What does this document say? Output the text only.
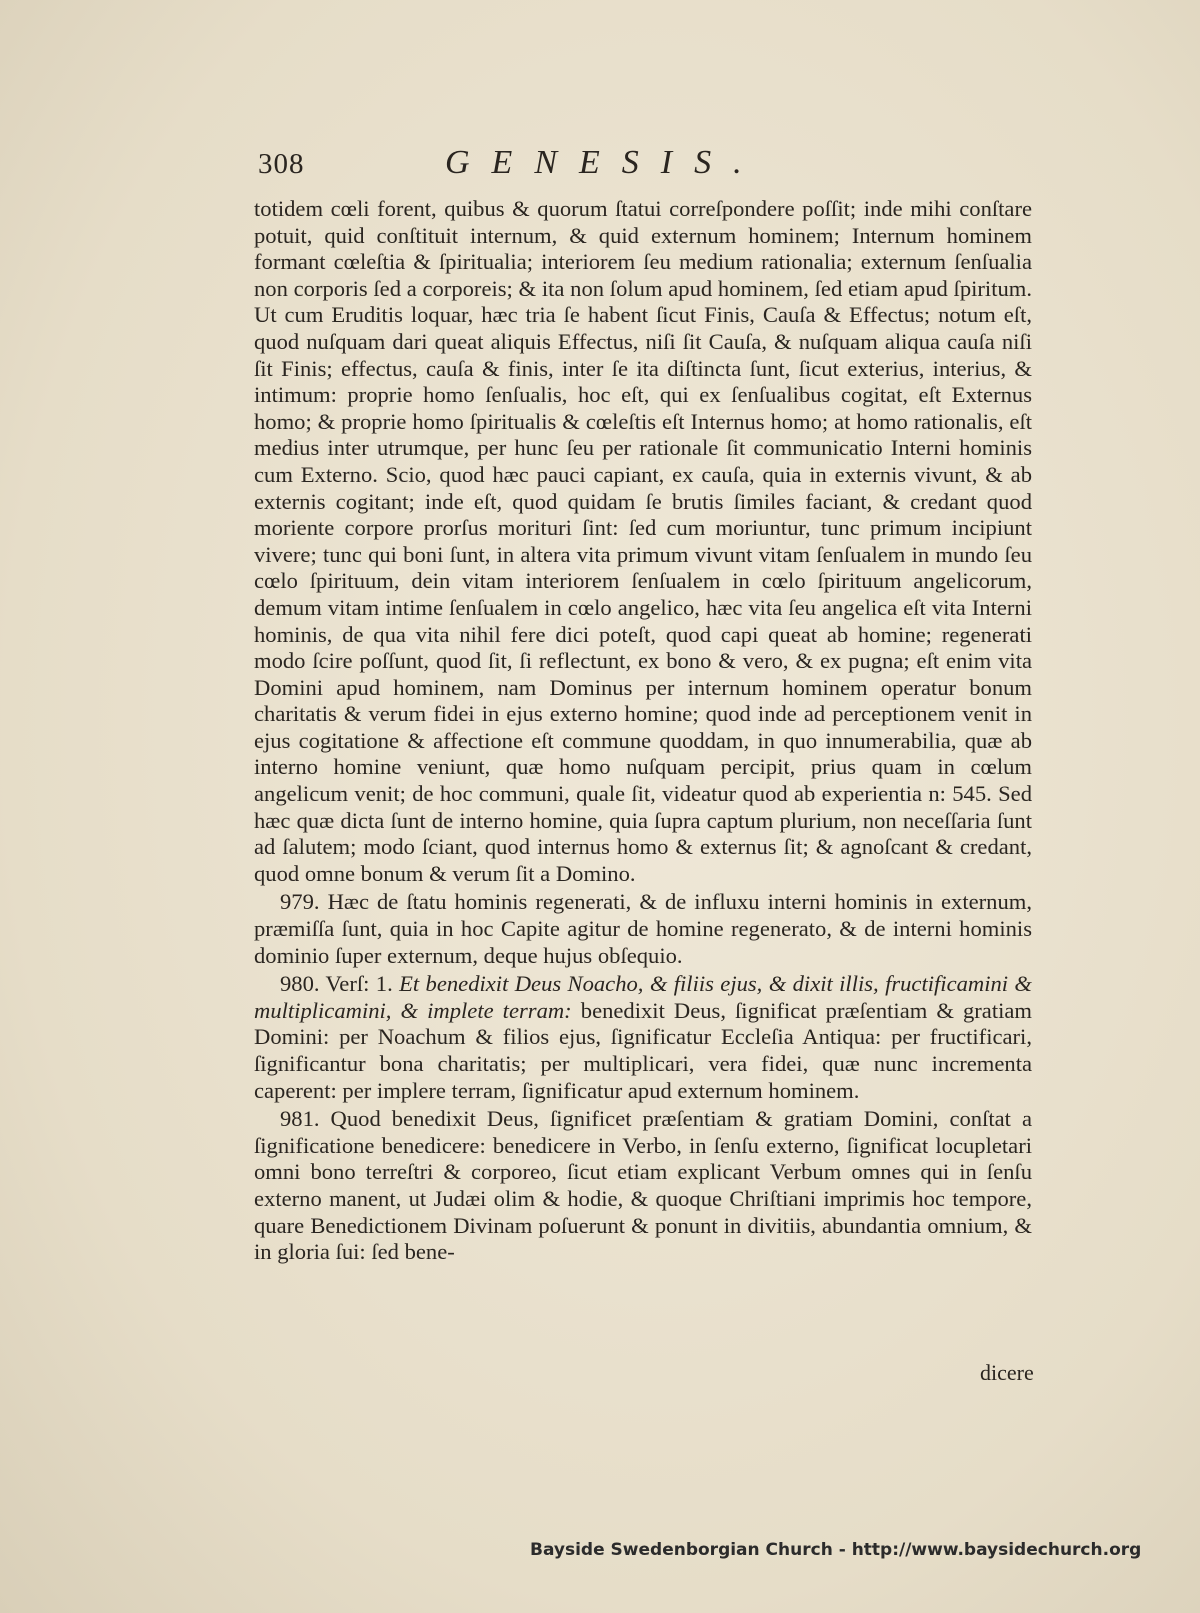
308	GENESIS.

totidem cœli forent, quibus & quorum ſtatui correſpondere poſſit; inde mihi conſtare potuit, quid conſtituit internum, & quid externum hominem; Internum hominem formant cœleſtia & ſpiritualia; interiorem ſeu medium rationalia; externum ſenſualia non corporis ſed a corporeis; & ita non ſolum apud hominem, ſed etiam apud ſpiritum. Ut cum Eruditis loquar, hæc tria ſe habent ſicut Finis, Cauſa & Effectus; notum eſt, quod nuſquam dari queat aliquis Effectus, niſi ſit Cauſa, & nuſquam aliqua cauſa niſi ſit Finis; effectus, cauſa & finis, inter ſe ita diſtincta ſunt, ſicut exterius, interius, & intimum: proprie homo ſenſualis, hoc eſt, qui ex ſenſualibus cogitat, eſt Externus homo; & proprie homo ſpiritualis & cœleſtis eſt Internus homo; at homo rationalis, eſt medius inter utrumque, per hunc ſeu per rationale ſit communicatio Interni hominis cum Externo. Scio, quod hæc pauci capiant, ex cauſa, quia in externis vivunt, & ab externis cogitant; inde eſt, quod quidam ſe brutis ſimiles faciant, & credant quod moriente corpore prorſus morituri ſint: ſed cum moriuntur, tunc primum incipiunt vivere; tunc qui boni ſunt, in altera vita primum vivunt vitam ſenſualem in mundo ſeu cœlo ſpirituum, dein vitam interiorem ſenſualem in cœlo ſpirituum angelicorum, demum vitam intime ſenſualem in cœlo angelico, hæc vita ſeu angelica eſt vita Interni hominis, de qua vita nihil fere dici poteſt, quod capi queat ab homine; regenerati modo ſcire poſſunt, quod ſit, ſi reflectunt, ex bono & vero, & ex pugna; eſt enim vita Domini apud hominem, nam Dominus per internum hominem operatur bonum charitatis & verum fidei in ejus externo homine; quod inde ad perceptionem venit in ejus cogitatione & affectione eſt commune quoddam, in quo innumerabilia, quæ ab interno homine veniunt, quæ homo nuſquam percipit, prius quam in cœlum angelicum venit; de hoc communi, quale ſit, videatur quod ab experientia n: 545. Sed hæc quæ dicta ſunt de interno homine, quia ſupra captum plurium, non neceſſaria ſunt ad ſalutem; modo ſciant, quod internus homo & externus ſit; & agnoſcant & credant, quod omne bonum & verum ſit a Domino.

979. Hæc de ſtatu hominis regenerati, & de influxu interni hominis in externum, præmiſſa ſunt, quia in hoc Capite agitur de homine regenerato, & de interni hominis dominio ſuper externum, deque hujus obſequio.

980. Verſ: 1. Et benedixit Deus Noacho, & filiis ejus, & dixit illis, fructificamini & multiplicamini, & implete terram: benedixit Deus, ſignificat præſentiam & gratiam Domini: per Noachum & filios ejus, ſignificatur Eccleſia Antiqua: per fructificari, ſignificantur bona charitatis; per multiplicari, vera fidei, quæ nunc incrementa caperent: per implere terram, ſignificatur apud externum hominem.

981. Quod benedixit Deus, ſignificet præſentiam & gratiam Domini, conſtat a ſignificatione benedicere: benedicere in Verbo, in ſenſu externo, ſignificat locupletari omni bono terreſtri & corporeo, ſicut etiam explicant Verbum omnes qui in ſenſu externo manent, ut Judæi olim & hodie, & quoque Chriſtiani imprimis hoc tempore, quare Benedictionem Divinam poſuerunt & ponunt in divitiis, abundantia omnium, & in gloria ſui: ſed bene-

dicere
Bayside Swedenborgian Church - http://www.baysidechurch.org
